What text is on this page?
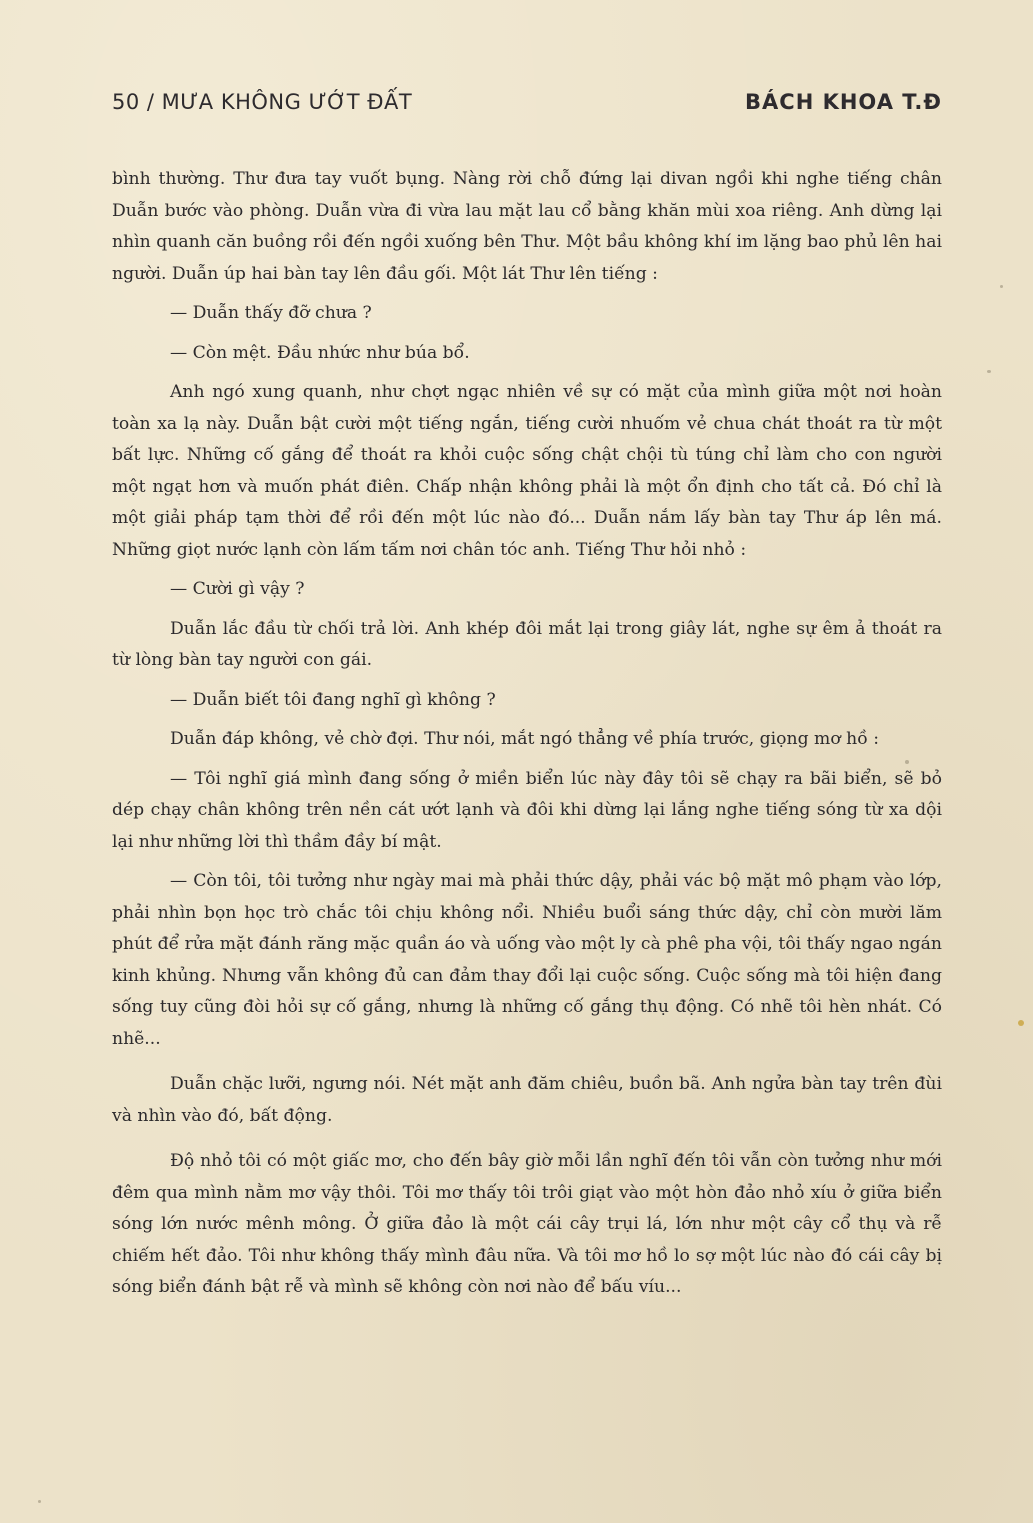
50 / MƯA KHÔNG ƯỚT ĐẤT	BÁCH KHOA T.Đ

bình thường. Thư đưa tay vuốt bụng. Nàng rời chỗ đứng lại divan ngồi khi nghe tiếng chân Duẫn bước vào phòng. Duẫn vừa đi vừa lau mặt lau cổ bằng khăn mùi xoa riêng. Anh dừng lại nhìn quanh căn buồng rồi đến ngồi xuống bên Thư. Một bầu không khí im lặng bao phủ lên hai người. Duẫn úp hai bàn tay lên đầu gối. Một lát Thư lên tiếng :

— Duẫn thấy đỡ chưa ?

— Còn mệt. Đầu nhức như búa bổ.

Anh ngó xung quanh, như chợt ngạc nhiên về sự có mặt của mình giữa một nơi hoàn toàn xa lạ này. Duẫn bật cười một tiếng ngắn, tiếng cười nhuốm vẻ chua chát thoát ra từ một bất lực. Những cố gắng để thoát ra khỏi cuộc sống chật chội tù túng chỉ làm cho con người một ngạt hơn và muốn phát điên. Chấp nhận không phải là một ổn định cho tất cả. Đó chỉ là một giải pháp tạm thời để rồi đến một lúc nào đó... Duẫn nắm lấy bàn tay Thư áp lên má. Những giọt nước lạnh còn lấm tấm nơi chân tóc anh. Tiếng Thư hỏi nhỏ :

— Cười gì vậy ?

Duẫn lắc đầu từ chối trả lời. Anh khép đôi mắt lại trong giây lát, nghe sự êm ả thoát ra từ lòng bàn tay người con gái.

— Duẫn biết tôi đang nghĩ gì không ?

Duẫn đáp không, vẻ chờ đợi. Thư nói, mắt ngó thẳng về phía trước, giọng mơ hồ :

— Tôi nghĩ giá mình đang sống ở miền biển lúc này đây tôi sẽ chạy ra bãi biển, sẽ bỏ dép chạy chân không trên nền cát ướt lạnh và đôi khi dừng lại lắng nghe tiếng sóng từ xa dội lại như những lời thì thầm đầy bí mật.

— Còn tôi, tôi tưởng như ngày mai mà phải thức dậy, phải vác bộ mặt mô phạm vào lớp, phải nhìn bọn học trò chắc tôi chịu không nổi. Nhiều buổi sáng thức dậy, chỉ còn mười lăm phút để rửa mặt đánh răng mặc quần áo và uống vào một ly cà phê pha vội, tôi thấy ngao ngán kinh khủng. Nhưng vẫn không đủ can đảm thay đổi lại cuộc sống. Cuộc sống mà tôi hiện đang sống tuy cũng đòi hỏi sự cố gắng, nhưng là những cố gắng thụ động. Có nhẽ tôi hèn nhát. Có nhẽ...

Duẫn chặc lưỡi, ngưng nói. Nét mặt anh đăm chiêu, buồn bã. Anh ngửa bàn tay trên đùi và nhìn vào đó, bất động.

Độ nhỏ tôi có một giấc mơ, cho đến bây giờ mỗi lần nghĩ đến tôi vẫn còn tưởng như mới đêm qua mình nằm mơ vậy thôi. Tôi mơ thấy tôi trôi giạt vào một hòn đảo nhỏ xíu ở giữa biển sóng lớn nước mênh mông. Ở giữa đảo là một cái cây trụi lá, lớn như một cây cổ thụ và rễ chiếm hết đảo. Tôi như không thấy mình đâu nữa. Và tôi mơ hồ lo sợ một lúc nào đó cái cây bị sóng biển đánh bật rễ và mình sẽ không còn nơi nào để bấu víu...
